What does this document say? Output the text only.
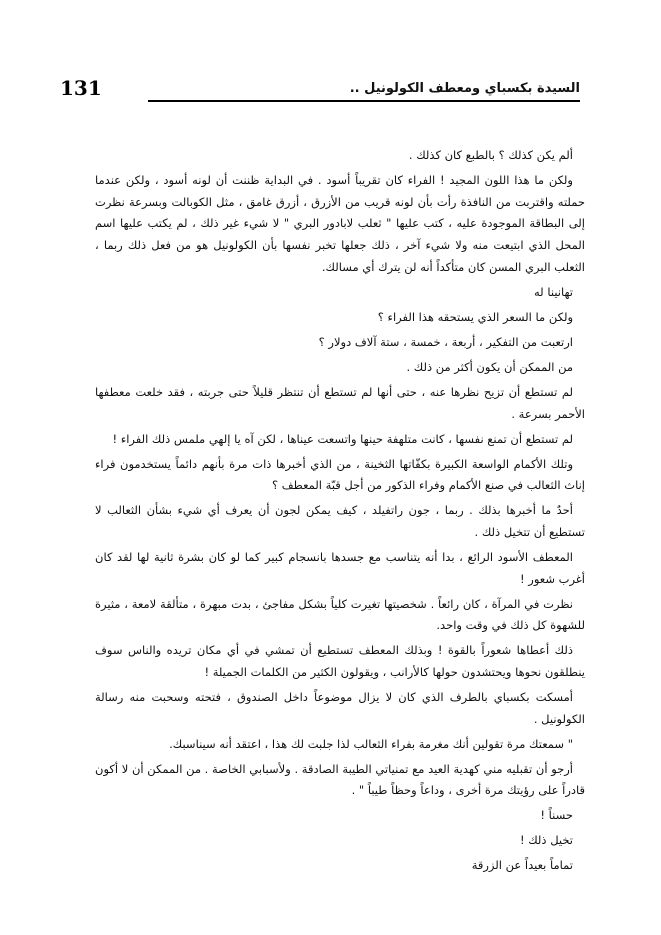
131	السيدة بكسباي ومعطف الكولونيل ..

ألم يكن كذلك ؟ بالطبع كان كذلك .

ولكن ما هذا اللون المجيد ! الفراء كان تقريباً أسود . في البداية ظننت أن لونه أسود ، ولكن عندما حملته واقتربت من النافذة رأت بأن لونه قريب من الأزرق ، أزرق غامق ، مثل الكوبالت وبسرعة نظرت إلى البطاقة الموجودة عليه ، كتب عليها " ثعلب لابادور البري " لا شيء غير ذلك ، لم يكتب عليها اسم المحل الذي ابتيعت منه ولا شيء آخر ، ذلك جعلها تخبر نفسها بأن الكولونيل هو من فعل ذلك ربما ، الثعلب البري المسن كان متأكداً أنه لن يترك أي مسالك.

تهانينا له

ولكن ما السعر الذي يستحقه هذا الفراء ؟

ارتعبت من التفكير ، أربعة ، خمسة ، ستة آلاف دولار ؟

من الممكن أن يكون أكثر من ذلك .

لم تستطع أن تزيح نظرها عنه ، حتى أنها لم تستطع أن تنتظر قليلاً حتى جربته ، فقد خلعت معطفها الأحمر بسرعة .

لم تستطع أن تمنع نفسها ، كانت متلهفة حينها واتسعت عيناها ، لكن آه يا إلهي ملمس ذلك الفراء !

وتلك الأكمام الواسعة الكبيرة بكفّاتها الثخينة ، من الذي أخبرها ذات مرة بأنهم دائماً يستخدمون فراء إناث الثعالب في صنع الأكمام وفراء الذكور من أجل قبّة المعطف ؟

أحدٌ ما أخبرها بذلك . ربما ، جون راتفيلد ، كيف يمكن لجون أن يعرف أي شيء بشأن الثعالب لا تستطيع أن تتخيل ذلك .

المعطف الأسود الرائع ، بدا أنه يتناسب مع جسدها بانسجام كبير كما لو كان بشرة ثانية لها لقد كان أغرب شعور !

نظرت في المرآة ، كان رائعاً . شخصيتها تغيرت كلياً بشكل مفاجئ ، بدت مبهرة ، متألقة لامعة ، مثيرة للشهوة كل ذلك في وقت واحد.

ذلك أعطاها شعوراً بالقوة ! وبذلك المعطف تستطيع أن تمشي في أي مكان تريده والناس سوف ينطلقون نحوها ويحتشدون حولها كالأرانب ، ويقولون الكثير من الكلمات الجميلة !

أمسكت بكسباي بالطرف الذي كان لا يزال موضوعاً داخل الصندوق ، فتحته وسحبت منه رسالة الكولونيل .

" سمعتك مرة تقولين أنك مغرمة بفراء الثعالب لذا جلبت لك هذا ، اعتقد أنه سيناسبك.

أرجو أن تقبليه مني كهدية العيد مع تمنياتي الطيبة الصادقة . ولأسبابي الخاصة . من الممكن أن لا أكون قادراً على رؤيتك مرة أخرى ، وداعاً وحظاً طيباً " .

حسناً !

تخيل ذلك !

تماماً بعيداً عن الزرقة
